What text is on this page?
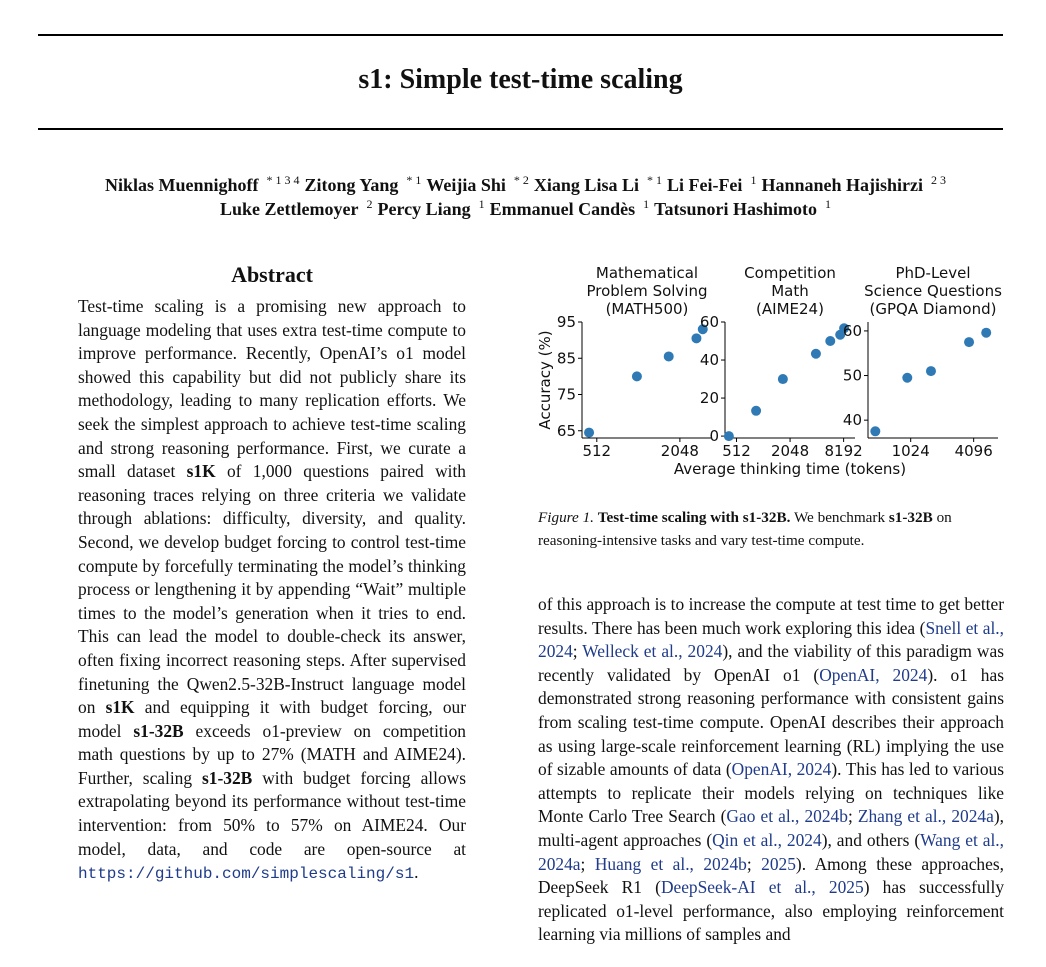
s1: Simple test-time scaling
Niklas Muennighoff $^{* 1 3 4}$ Zitong Yang $^{* 1}$ Weijia Shi $^{* 2}$ Xiang Lisa Li $^{* 1}$ Li Fei-Fei $^1$ Hannaneh Hajishirzi $^{2 3}$
Luke Zettlemoyer $^2$ Percy Liang $^1$ Emmanuel Candès $^1$ Tatsunori Hashimoto $^1$
Abstract

Test-time scaling is a promising new approach to language modeling that uses extra test-time compute to improve performance. Recently, OpenAI’s o1 model showed this capability but did not publicly share its methodology, leading to many replication efforts. We seek the simplest approach to achieve test-time scaling and strong reasoning performance. First, we curate a small dataset s1K of 1,000 questions paired with reasoning traces relying on three criteria we validate through ablations: difficulty, diversity, and quality. Second, we develop budget forcing to control test-time compute by forcefully terminating the model’s thinking process or lengthening it by appending “Wait” multiple times to the model’s generation when it tries to end. This can lead the model to double-check its answer, often fixing incorrect reasoning steps. After supervised finetuning the Qwen2.5-32B-Instruct language model on s1K and equipping it with budget forcing, our model s1-32B exceeds o1-preview on competition math questions by up to 27% (MATH and AIME24). Further, scaling s1-32B with budget forcing allows extrapolating beyond its performance without test-time intervention: from 50% to 57% on AIME24. Our model, data, and code are open-source at https://github.com/simplescaling/s1.

Mathematical
Problem Solving
(MATH500)
65
75
85
95
512	2048
Accuracy (%)
Competition
Math
(AIME24)
0
20
40
60
512 2048 8192
PhD-Level
Science Questions
(GPQA Diamond)
40
50
60
1024 4096
Average thinking time (tokens)
Figure 1. Test-time scaling with s1-32B. We benchmark s1-32B on reasoning-intensive tasks and vary test-time compute.

of this approach is to increase the compute at test time to get better results. There has been much work exploring this idea (Snell et al., 2024; Welleck et al., 2024), and the viability of this paradigm was recently validated by OpenAI o1 (OpenAI, 2024). o1 has demonstrated strong reasoning performance with consistent gains from scaling test-time compute. OpenAI describes their approach as using large-scale reinforcement learning (RL) implying the use of sizable amounts of data (OpenAI, 2024). This has led to various attempts to replicate their models relying on techniques like Monte Carlo Tree Search (Gao et al., 2024b; Zhang et al., 2024a), multi-agent approaches (Qin et al., 2024), and others (Wang et al., 2024a; Huang et al., 2024b; 2025). Among these approaches, DeepSeek R1 (DeepSeek-AI et al., 2025) has successfully replicated o1-level performance, also employing reinforcement learning via millions of samples and
